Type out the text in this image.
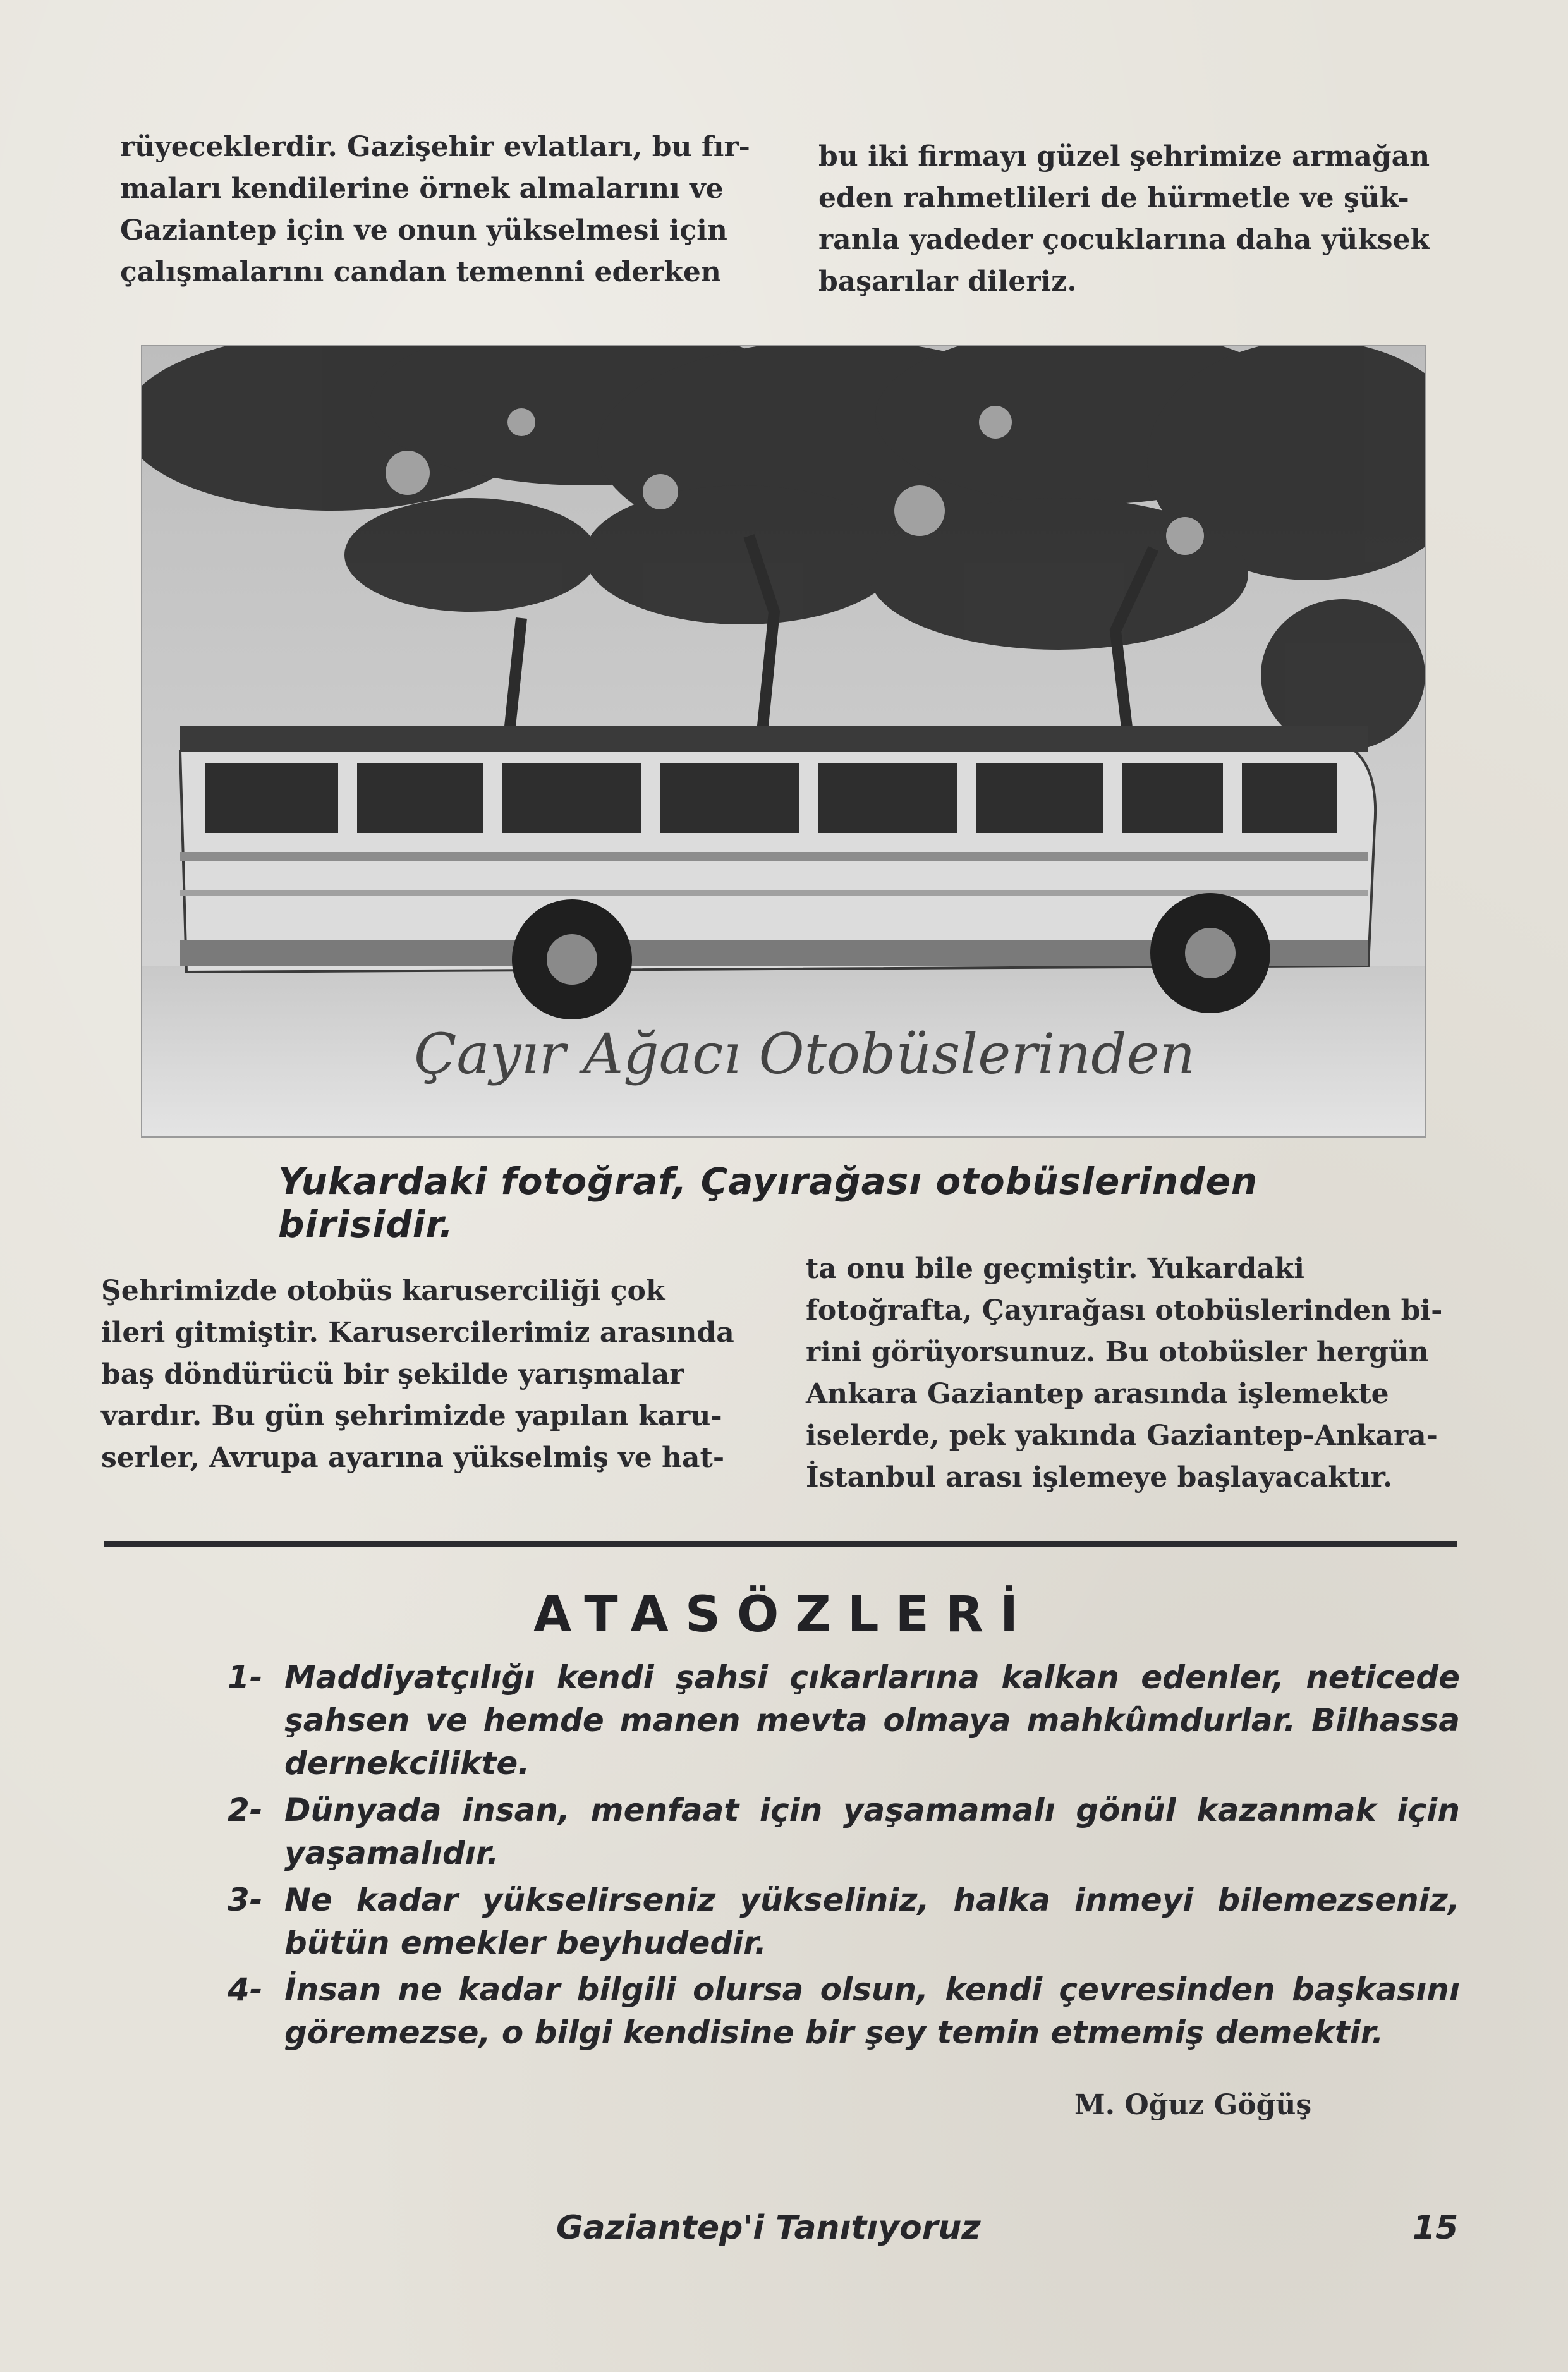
rüyeceklerdir. Gazişehir evlatları, bu fır-
maları kendilerine örnek almalarını ve
Gaziantep için ve onun yükselmesi için
çalışmalarını candan temenni ederken

bu iki firmayı güzel şehrimize armağan
eden rahmetlileri de hürmetle ve şük-
ranla yadeder çocuklarına daha yüksek
başarılar dileriz.

Çayır Ağacı Otobüslerinden
Yukardaki fotoğraf, Çayırağası otobüslerinden birisidir.

Şehrimizde otobüs karuserciliği çok
ileri gitmiştir. Karusercilerimiz arasında
baş döndürücü bir şekilde yarışmalar
vardır. Bu gün şehrimizde yapılan karu-
serler, Avrupa ayarına yükselmiş ve hat-

ta onu bile geçmiştir. Yukardaki
fotoğrafta, Çayırağası otobüslerinden bi-
rini görüyorsunuz. Bu otobüsler hergün
Ankara Gaziantep arasında işlemekte
iselerde, pek yakında Gaziantep-Ankara-
İstanbul arası işlemeye başlayacaktır.

ATASÖZLERİ
1- Maddiyatçılığı kendi şahsi çıkarlarına kalkan edenler, neticede şahsen ve hemde manen mevta olmaya mahkûmdurlar. Bilhassa dernekcilikte.
2- Dünyada insan, menfaat için yaşamamalı gönül kazanmak için yaşamalıdır.
3- Ne kadar yükselirseniz yükseliniz, halka inmeyi bilemezseniz, bütün emekler beyhudedir.
4- İnsan ne kadar bilgili olursa olsun, kendi çevresinden başkasını göremezse, o bilgi kendisine bir şey temin etmemiş demektir.
M. Oğuz Göğüş
Gaziantep'i Tanıtıyoruz	15
